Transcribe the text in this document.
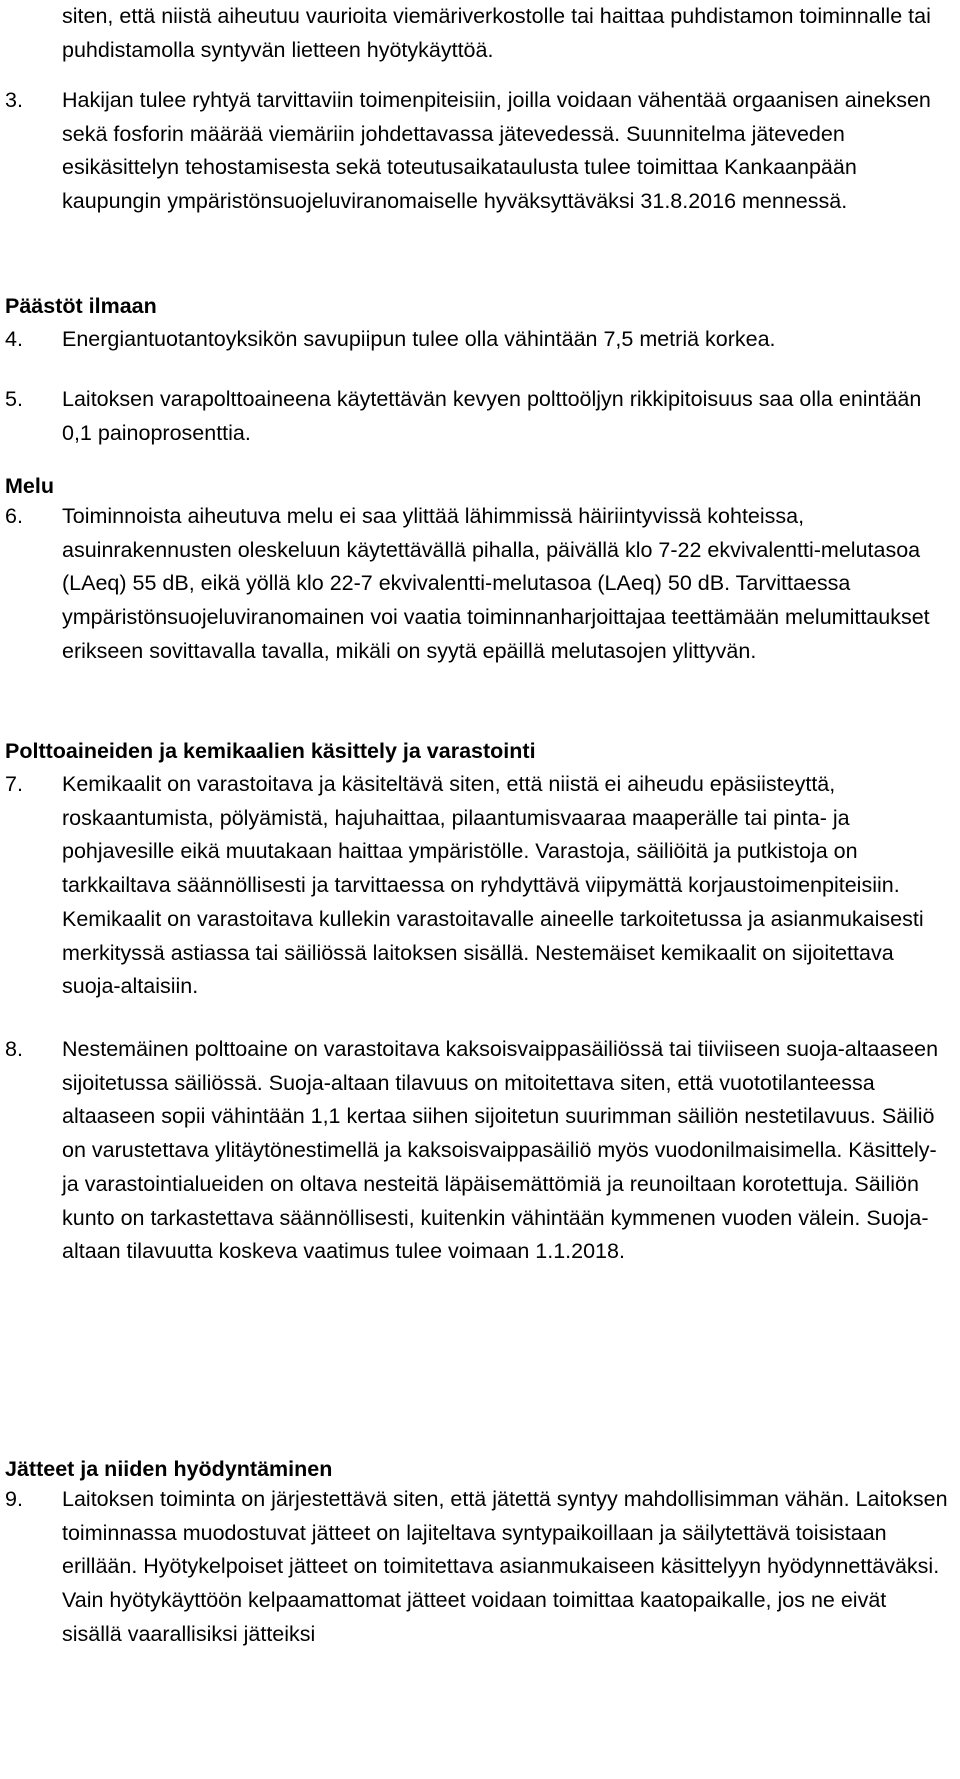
siten, että niistä aiheutuu vaurioita viemäriverkostolle tai haittaa puhdistamon toiminnalle tai puhdistamolla syntyvän lietteen hyötykäyttöä.

3. Hakijan tulee ryhtyä tarvittaviin toimenpiteisiin, joilla voidaan vähentää orgaanisen aineksen sekä fosforin määrää viemäriin johdettavassa jätevedessä. Suunnitelma jäteveden esikäsittelyn tehostamisesta sekä toteutusaikataulusta tulee toimittaa Kankaanpään kaupungin ympäristönsuojeluviranomaiselle hyväksyttäväksi 31.8.2016 mennessä.
Päästöt ilmaan
4. Energiantuotantoyksikön savupiipun tulee olla vähintään 7,5 metriä korkea.
5. Laitoksen varapolttoaineena käytettävän kevyen polttoöljyn rikkipitoisuus saa olla enintään 0,1 painoprosenttia.
Melu
6. Toiminnoista aiheutuva melu ei saa ylittää lähimmissä häiriintyvissä kohteissa, asuinrakennusten oleskeluun käytettävällä pihalla, päivällä klo 7-22 ekvivalentti-melutasoa (LAeq) 55 dB, eikä yöllä klo 22-7 ekvivalentti-melutasoa (LAeq) 50 dB. Tarvittaessa ympäristönsuojeluviranomainen voi vaatia toiminnanharjoittajaa teettämään melumittaukset erikseen sovittavalla tavalla, mikäli on syytä epäillä melutasojen ylittyvän.
Polttoaineiden ja kemikaalien käsittely ja varastointi
7. Kemikaalit on varastoitava ja käsiteltävä siten, että niistä ei aiheudu epäsiisteyttä, roskaantumista, pölyämistä, hajuhaittaa, pilaantumisvaaraa maaperälle tai pinta- ja pohjavesille eikä muutakaan haittaa ympäristölle. Varastoja, säiliöitä ja putkistoja on tarkkailtava säännöllisesti ja tarvittaessa on ryhdyttävä viipymättä korjaustoimenpiteisiin. Kemikaalit on varastoitava kullekin varastoitavalle aineelle tarkoitetussa ja asianmukaisesti merkityssä astiassa tai säiliössä laitoksen sisällä. Nestemäiset kemikaalit on sijoitettava suoja-altaisiin.
8. Nestemäinen polttoaine on varastoitava kaksoisvaippasäiliössä tai tiiviiseen suoja-altaaseen sijoitetussa säiliössä. Suoja-altaan tilavuus on mitoitettava siten, että vuototilanteessa altaaseen sopii vähintään 1,1 kertaa siihen sijoitetun suurimman säiliön nestetilavuus. Säiliö on varustettava ylitäytönestimellä ja kaksoisvaippasäiliö myös vuodonilmaisimella. Käsittely- ja varastointialueiden on oltava nesteitä läpäisemättömiä ja reunoiltaan korotettuja. Säiliön kunto on tarkastettava säännöllisesti, kuitenkin vähintään kymmenen vuoden välein. Suoja-altaan tilavuutta koskeva vaatimus tulee voimaan 1.1.2018.
Jätteet ja niiden hyödyntäminen
9. Laitoksen toiminta on järjestettävä siten, että jätettä syntyy mahdollisimman vähän. Laitoksen toiminnassa muodostuvat jätteet on lajiteltava syntypaikoillaan ja säilytettävä toisistaan erillään. Hyötykelpoiset jätteet on toimitettava asianmukaiseen käsittelyyn hyödynnettäväksi. Vain hyötykäyttöön kelpaamattomat jätteet voidaan toimittaa kaatopaikalle, jos ne eivät sisällä vaarallisiksi jätteiksi
